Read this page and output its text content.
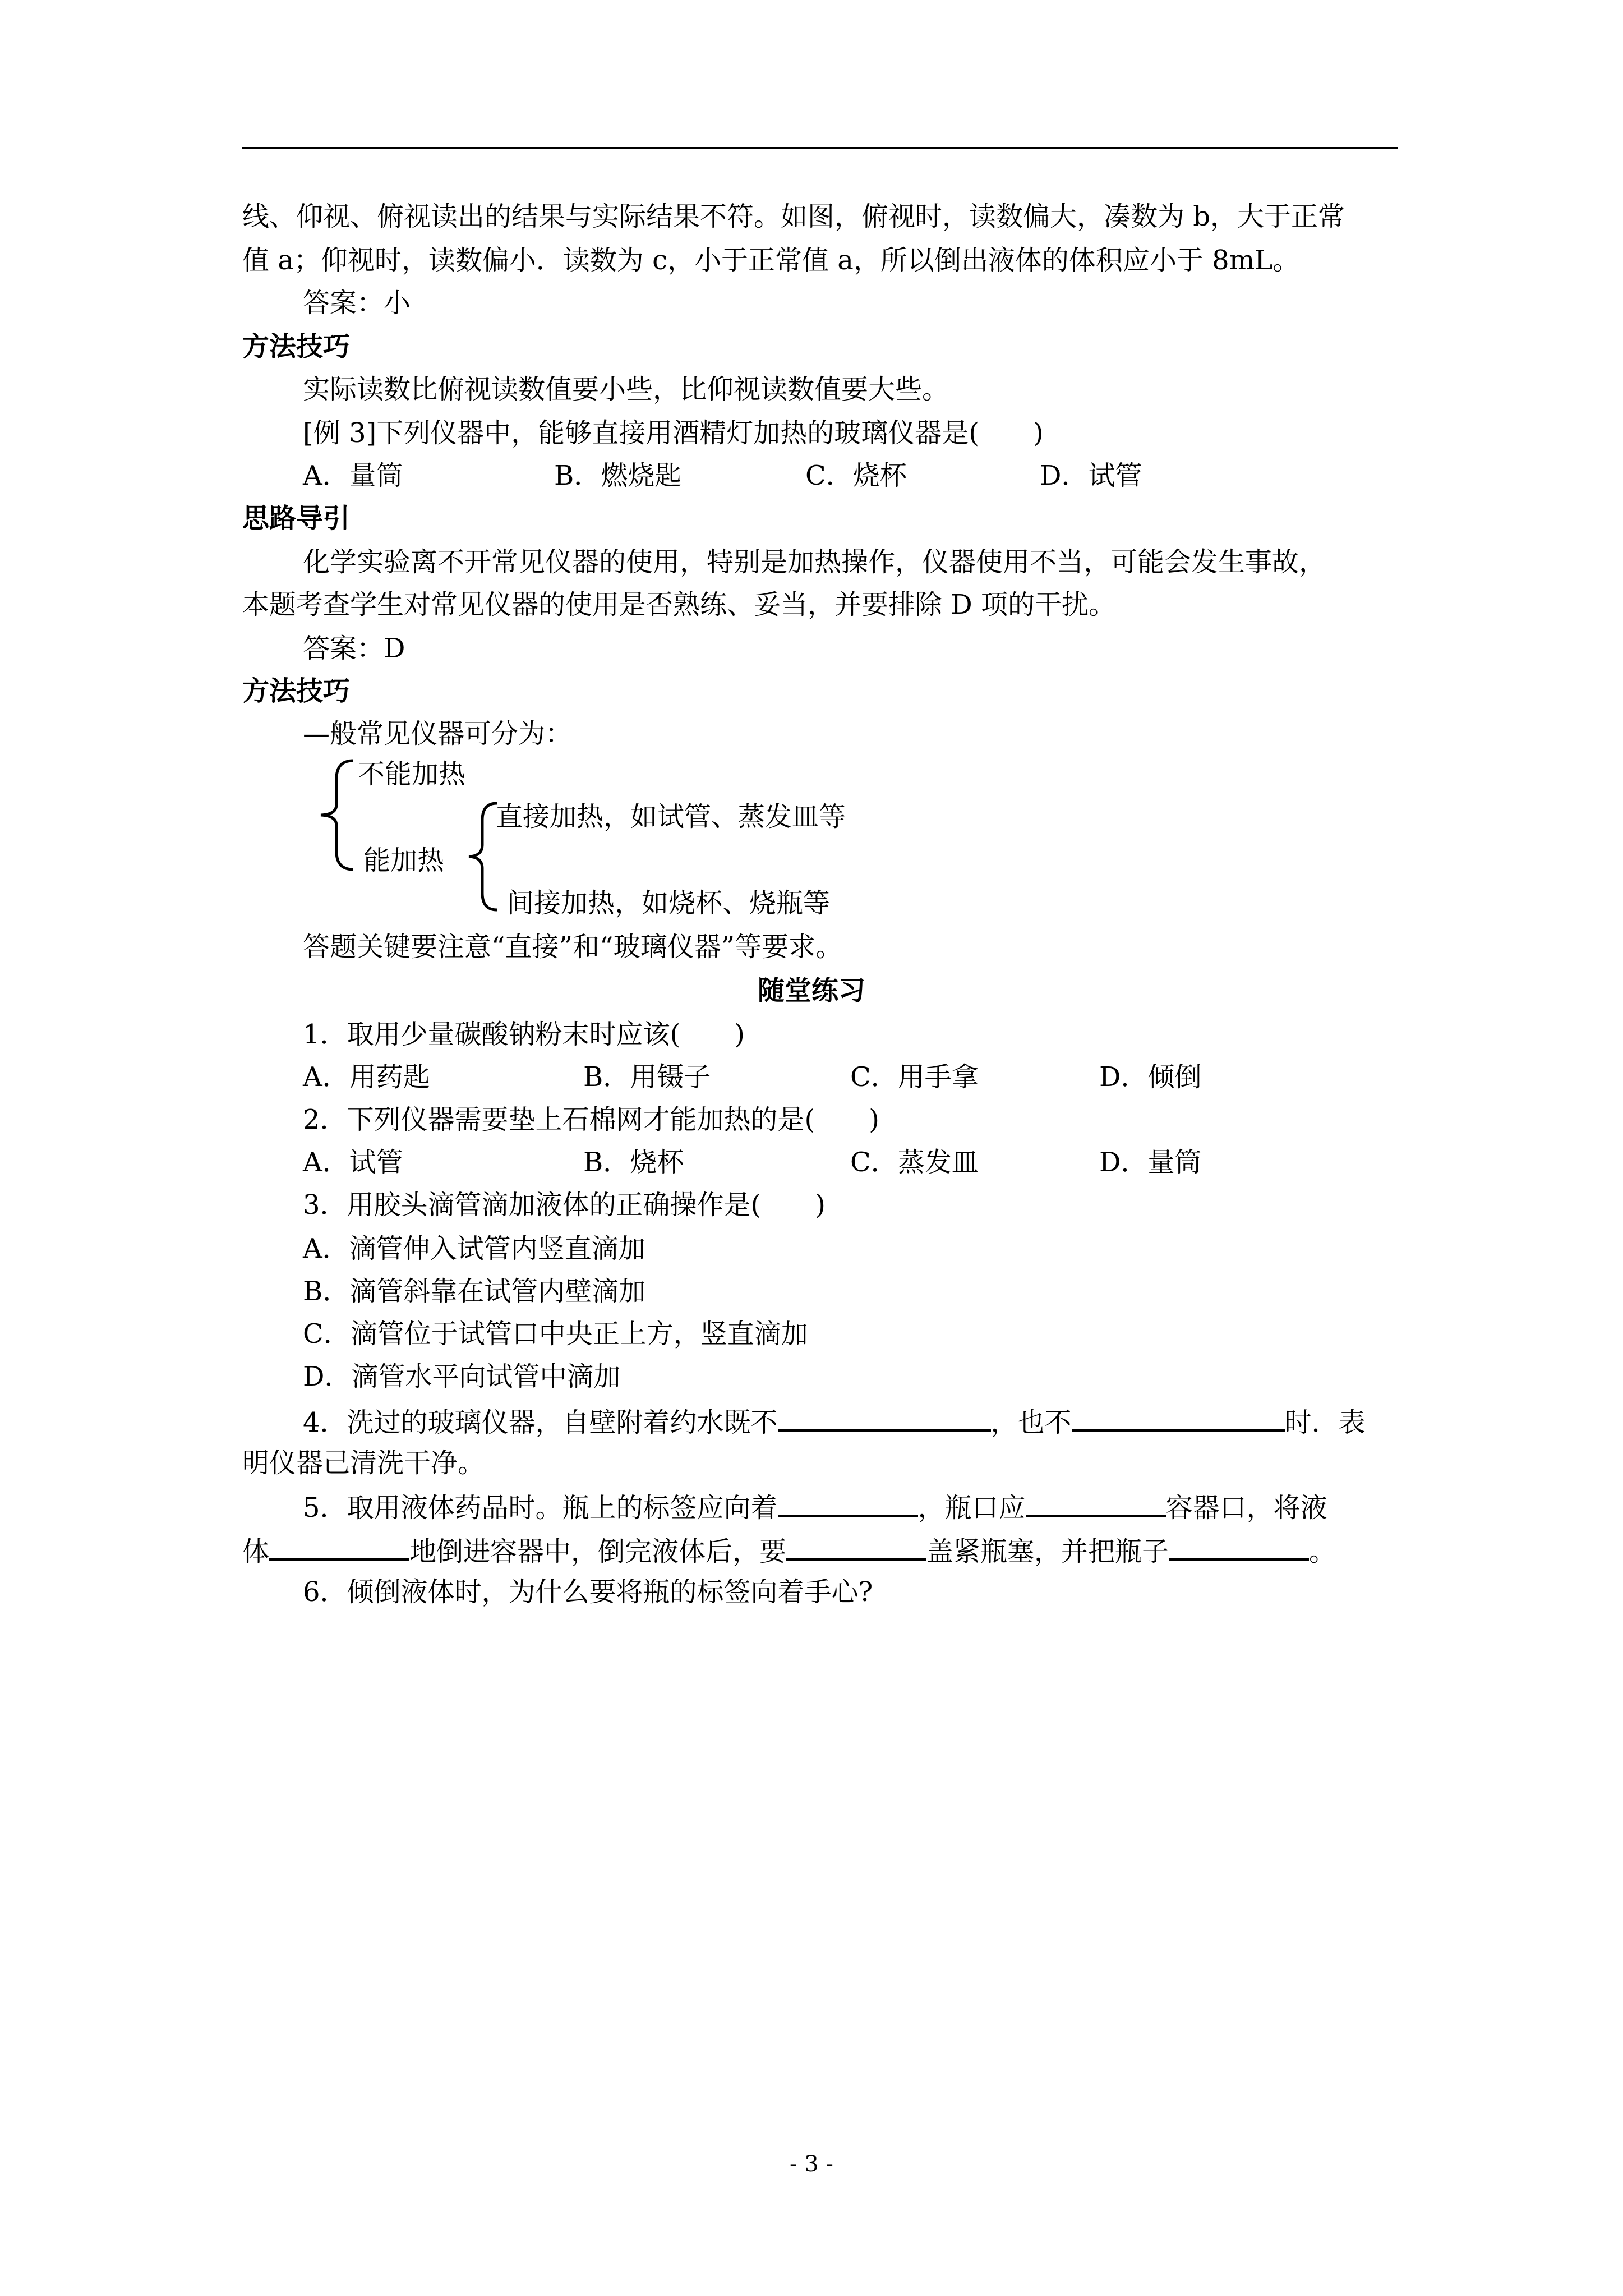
线、仰视、俯视读出的结果与实际结果不符。如图，俯视时，读数偏大，凑数为 b，大于正常
值 a；仰视时，读数偏小．读数为 c，小于正常值 a，所以倒出液体的体积应小于 8mL。
答案：小
方法技巧
实际读数比俯视读数值要小些，比仰视读数值要大些。
[例 3]下列仪器中，能够直接用酒精灯加热的玻璃仪器是(　　)
A．量筒	B．燃烧匙	C．烧杯	D．试管
思路导引
化学实验离不开常见仪器的使用，特别是加热操作，仪器使用不当，可能会发生事故，
本题考查学生对常见仪器的使用是否熟练、妥当，并要排除 D 项的干扰。
答案：D
方法技巧
—般常见仪器可分为：
不能加热
能加热
直接加热，如试管、蒸发皿等
间接加热，如烧杯、烧瓶等
答题关键要注意“直接”和“玻璃仪器”等要求。
随堂练习
1．取用少量碳酸钠粉末时应该(　　)
A．用药匙	B．用镊子	C．用手拿	D．倾倒
2．下列仪器需要垫上石棉网才能加热的是(　　)
A．试管	B．烧杯	C．蒸发皿	D．量筒
3．用胶头滴管滴加液体的正确操作是(　　)
A．滴管伸入试管内竖直滴加
B．滴管斜靠在试管内壁滴加
C．滴管位于试管口中央正上方，竖直滴加
D．滴管水平向试管中滴加
4．洗过的玻璃仪器，自壁附着约水既不	，也不	时．表
明仪器己清洗干净。
5．取用液体药品时。瓶上的标签应向着	，瓶口应	容器口，将液
体	地倒进容器中，倒完液体后，要	盖紧瓶塞，并把瓶子	。
6．倾倒液体时，为什么要将瓶的标签向着手心?
- 3 -
